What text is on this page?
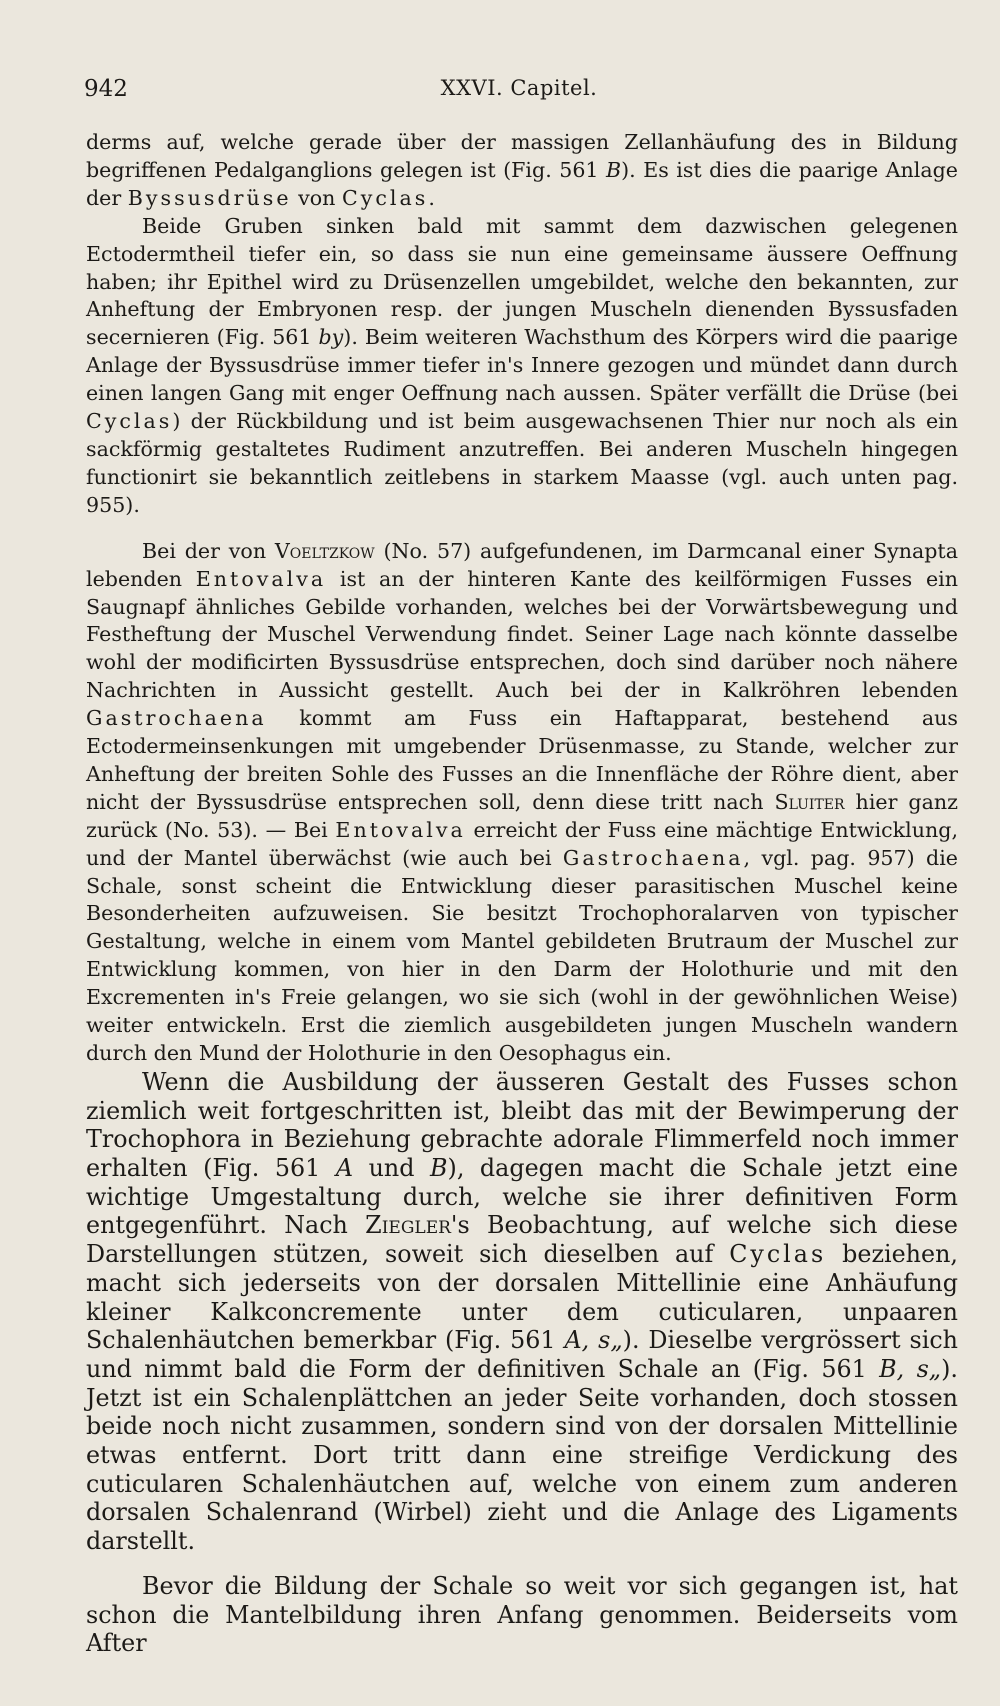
942	XXVI. Capitel.

derms auf, welche gerade über der massigen Zellanhäufung des in Bildung begriffenen Pedalganglions gelegen ist (Fig. 561 B). Es ist dies die paarige Anlage der Byssusdrüse von Cyclas.

Beide Gruben sinken bald mit sammt dem dazwischen gelegenen Ectodermtheil tiefer ein, so dass sie nun eine gemeinsame äussere Oeffnung haben; ihr Epithel wird zu Drüsenzellen umgebildet, welche den bekannten, zur Anheftung der Embryonen resp. der jungen Muscheln dienenden Byssusfaden secernieren (Fig. 561 by). Beim weiteren Wachsthum des Körpers wird die paarige Anlage der Byssusdrüse immer tiefer in's Innere gezogen und mündet dann durch einen langen Gang mit enger Oeffnung nach aussen. Später verfällt die Drüse (bei Cyclas) der Rückbildung und ist beim ausgewachsenen Thier nur noch als ein sackförmig gestaltetes Rudiment anzutreffen. Bei anderen Muscheln hingegen functionirt sie bekanntlich zeitlebens in starkem Maasse (vgl. auch unten pag. 955).

Bei der von Voeltzkow (No. 57) aufgefundenen, im Darmcanal einer Synapta lebenden Entovalva ist an der hinteren Kante des keilförmigen Fusses ein Saugnapf ähnliches Gebilde vorhanden, welches bei der Vorwärtsbewegung und Festheftung der Muschel Verwendung findet. Seiner Lage nach könnte dasselbe wohl der modificirten Byssusdrüse entsprechen, doch sind darüber noch nähere Nachrichten in Aussicht gestellt. Auch bei der in Kalkröhren lebenden Gastrochaena kommt am Fuss ein Haftapparat, bestehend aus Ectodermeinsenkungen mit umgebender Drüsenmasse, zu Stande, welcher zur Anheftung der breiten Sohle des Fusses an die Innenfläche der Röhre dient, aber nicht der Byssusdrüse entsprechen soll, denn diese tritt nach Sluiter hier ganz zurück (No. 53). — Bei Entovalva erreicht der Fuss eine mächtige Entwicklung, und der Mantel überwächst (wie auch bei Gastrochaena, vgl. pag. 957) die Schale, sonst scheint die Entwicklung dieser parasitischen Muschel keine Besonderheiten aufzuweisen. Sie besitzt Trochophoralarven von typischer Gestaltung, welche in einem vom Mantel gebildeten Brutraum der Muschel zur Entwicklung kommen, von hier in den Darm der Holothurie und mit den Excrementen in's Freie gelangen, wo sie sich (wohl in der gewöhnlichen Weise) weiter entwickeln. Erst die ziemlich ausgebildeten jungen Muscheln wandern durch den Mund der Holothurie in den Oesophagus ein.

Wenn die Ausbildung der äusseren Gestalt des Fusses schon ziemlich weit fortgeschritten ist, bleibt das mit der Bewimperung der Trochophora in Beziehung gebrachte adorale Flimmerfeld noch immer erhalten (Fig. 561 A und B), dagegen macht die Schale jetzt eine wichtige Umgestaltung durch, welche sie ihrer definitiven Form entgegenführt. Nach Ziegler's Beobachtung, auf welche sich diese Darstellungen stützen, soweit sich dieselben auf Cyclas beziehen, macht sich jederseits von der dorsalen Mittellinie eine Anhäufung kleiner Kalkconcremente unter dem cuticularen, unpaaren Schalenhäutchen bemerkbar (Fig. 561 A, s„). Dieselbe vergrössert sich und nimmt bald die Form der definitiven Schale an (Fig. 561 B, s„). Jetzt ist ein Schalenplättchen an jeder Seite vorhanden, doch stossen beide noch nicht zusammen, sondern sind von der dorsalen Mittellinie etwas entfernt. Dort tritt dann eine streifige Verdickung des cuticularen Schalenhäutchen auf, welche von einem zum anderen dorsalen Schalenrand (Wirbel) zieht und die Anlage des Ligaments darstellt.

Bevor die Bildung der Schale so weit vor sich gegangen ist, hat schon die Mantelbildung ihren Anfang genommen. Beiderseits vom After
